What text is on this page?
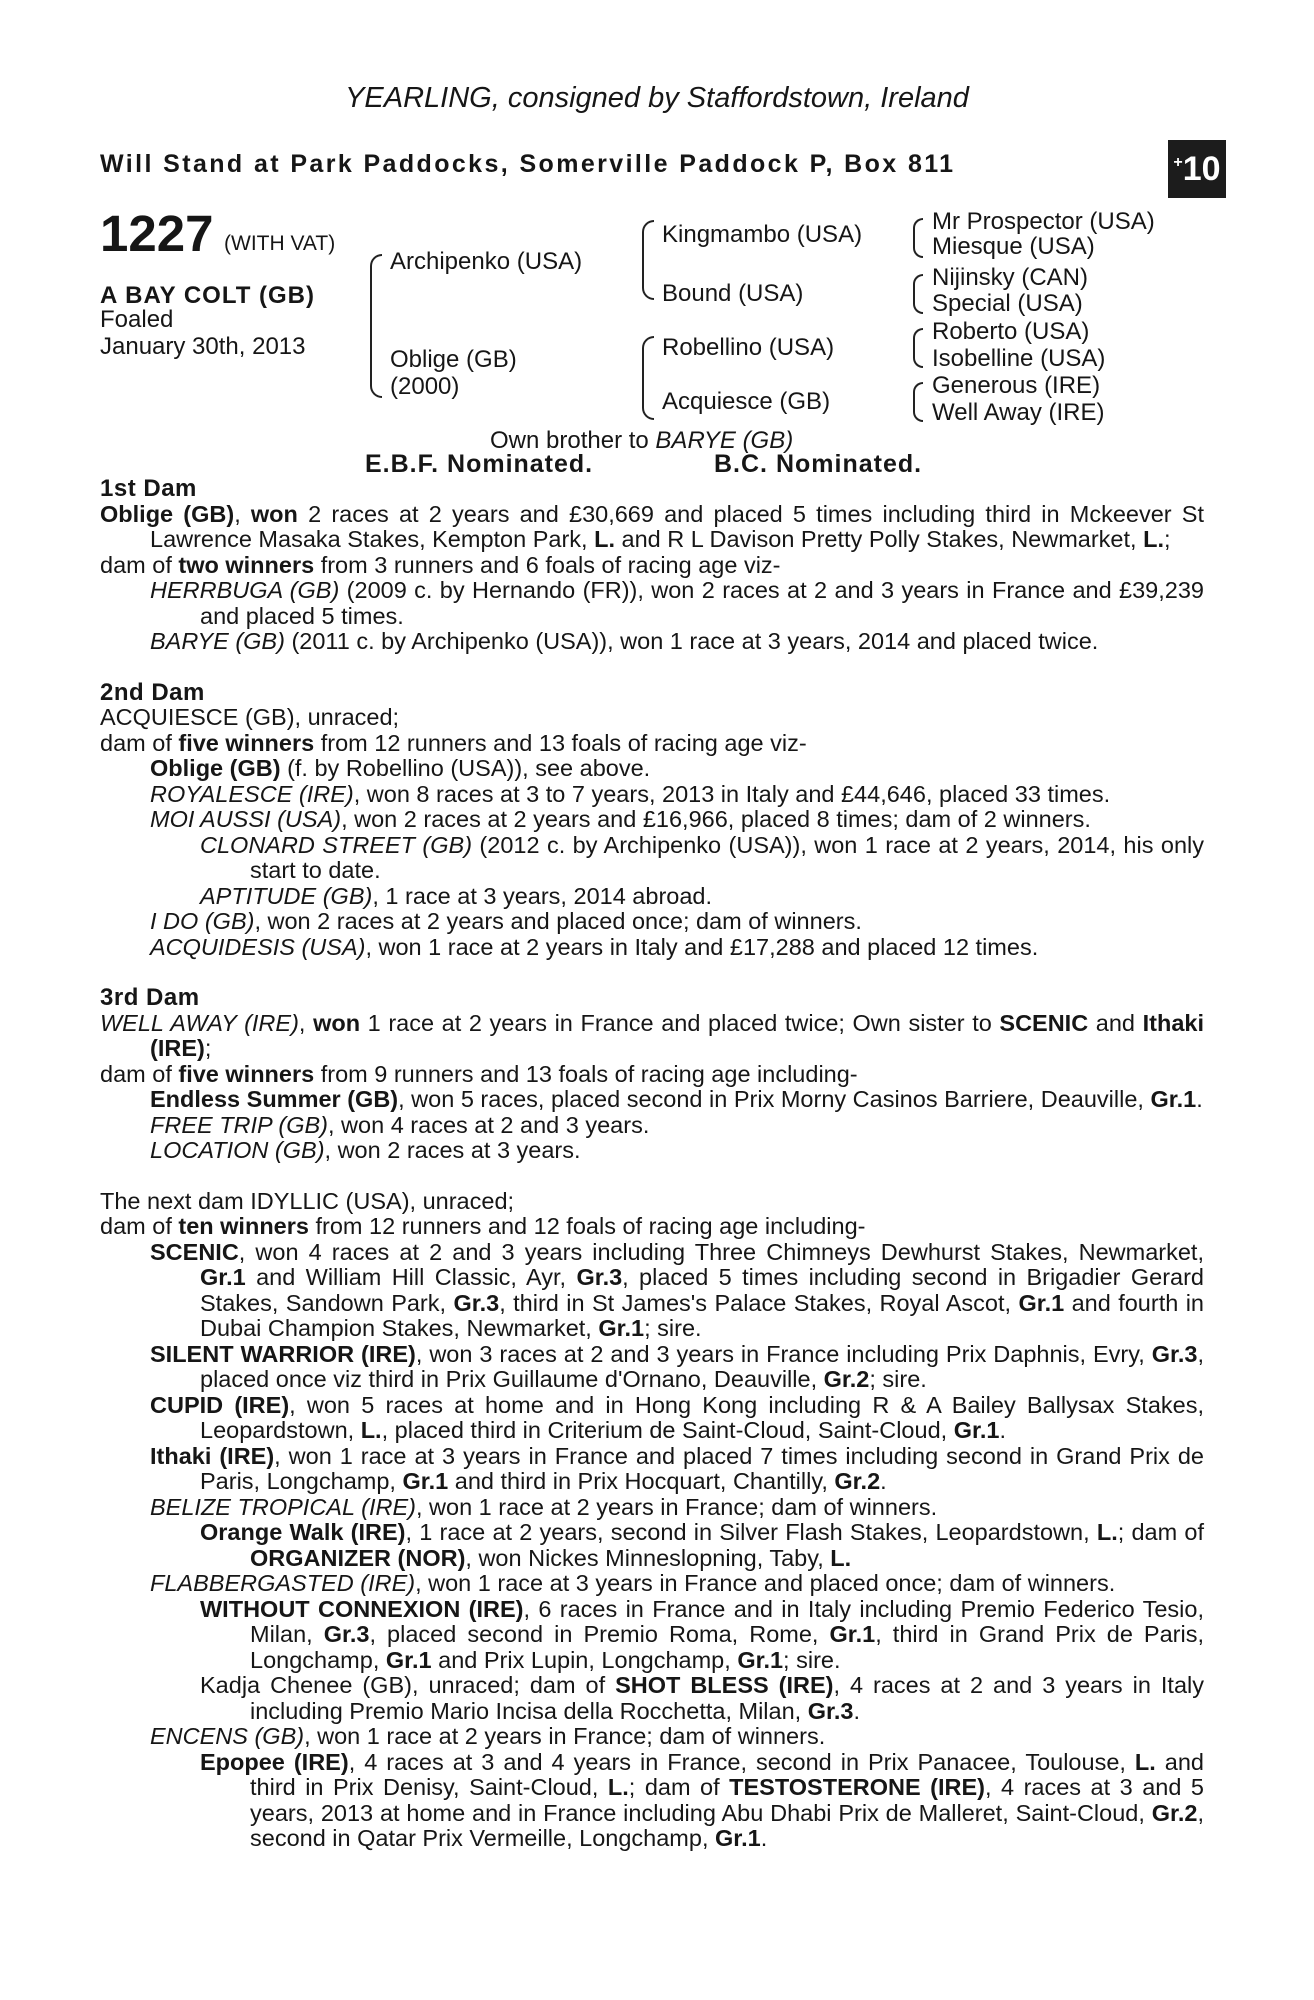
YEARLING, consigned by Staffordstown, Ireland
Will Stand at Park Paddocks, Somerville Paddock P, Box 811	+10
1227 (WITH VAT)
A BAY COLT (GB)
Foaled
January 30th, 2013
Archipenko (USA)
Oblige (GB)
(2000)
Kingmambo (USA)
Bound (USA)
Robellino (USA)
Acquiesce (GB)
Mr Prospector (USA)
Miesque (USA)
Nijinsky (CAN)
Special (USA)
Roberto (USA)
Isobelline (USA)
Generous (IRE)
Well Away (IRE)
Own brother to BARYE (GB)
E.B.F. Nominated.	B.C. Nominated.
1st Dam
Oblige (GB), won 2 races at 2 years and £30,669 and placed 5 times including third in Mckeever St Lawrence Masaka Stakes, Kempton Park, L. and R L Davison Pretty Polly Stakes, Newmarket, L.;
dam of two winners from 3 runners and 6 foals of racing age viz-
HERRBUGA (GB) (2009 c. by Hernando (FR)), won 2 races at 2 and 3 years in France and £39,239 and placed 5 times.
BARYE (GB) (2011 c. by Archipenko (USA)), won 1 race at 3 years, 2014 and placed twice.
2nd Dam
ACQUIESCE (GB), unraced;
dam of five winners from 12 runners and 13 foals of racing age viz-
Oblige (GB) (f. by Robellino (USA)), see above.
ROYALESCE (IRE), won 8 races at 3 to 7 years, 2013 in Italy and £44,646, placed 33 times.
MOI AUSSI (USA), won 2 races at 2 years and £16,966, placed 8 times; dam of 2 winners.
CLONARD STREET (GB) (2012 c. by Archipenko (USA)), won 1 race at 2 years, 2014, his only start to date.
APTITUDE (GB), 1 race at 3 years, 2014 abroad.
I DO (GB), won 2 races at 2 years and placed once; dam of winners.
ACQUIDESIS (USA), won 1 race at 2 years in Italy and £17,288 and placed 12 times.
3rd Dam
WELL AWAY (IRE), won 1 race at 2 years in France and placed twice; Own sister to SCENIC and Ithaki (IRE);
dam of five winners from 9 runners and 13 foals of racing age including-
Endless Summer (GB), won 5 races, placed second in Prix Morny Casinos Barriere, Deauville, Gr.1.
FREE TRIP (GB), won 4 races at 2 and 3 years.
LOCATION (GB), won 2 races at 3 years.
The next dam IDYLLIC (USA), unraced;
dam of ten winners from 12 runners and 12 foals of racing age including-
SCENIC, won 4 races at 2 and 3 years including Three Chimneys Dewhurst Stakes, Newmarket, Gr.1 and William Hill Classic, Ayr, Gr.3, placed 5 times including second in Brigadier Gerard Stakes, Sandown Park, Gr.3, third in St James's Palace Stakes, Royal Ascot, Gr.1 and fourth in Dubai Champion Stakes, Newmarket, Gr.1; sire.
SILENT WARRIOR (IRE), won 3 races at 2 and 3 years in France including Prix Daphnis, Evry, Gr.3, placed once viz third in Prix Guillaume d'Ornano, Deauville, Gr.2; sire.
CUPID (IRE), won 5 races at home and in Hong Kong including R & A Bailey Ballysax Stakes, Leopardstown, L., placed third in Criterium de Saint-Cloud, Saint-Cloud, Gr.1.
Ithaki (IRE), won 1 race at 3 years in France and placed 7 times including second in Grand Prix de Paris, Longchamp, Gr.1 and third in Prix Hocquart, Chantilly, Gr.2.
BELIZE TROPICAL (IRE), won 1 race at 2 years in France; dam of winners.
Orange Walk (IRE), 1 race at 2 years, second in Silver Flash Stakes, Leopardstown, L.; dam of ORGANIZER (NOR), won Nickes Minneslopning, Taby, L.
FLABBERGASTED (IRE), won 1 race at 3 years in France and placed once; dam of winners.
WITHOUT CONNEXION (IRE), 6 races in France and in Italy including Premio Federico Tesio, Milan, Gr.3, placed second in Premio Roma, Rome, Gr.1, third in Grand Prix de Paris, Longchamp, Gr.1 and Prix Lupin, Longchamp, Gr.1; sire.
Kadja Chenee (GB), unraced; dam of SHOT BLESS (IRE), 4 races at 2 and 3 years in Italy including Premio Mario Incisa della Rocchetta, Milan, Gr.3.
ENCENS (GB), won 1 race at 2 years in France; dam of winners.
Epopee (IRE), 4 races at 3 and 4 years in France, second in Prix Panacee, Toulouse, L. and third in Prix Denisy, Saint-Cloud, L.; dam of TESTOSTERONE (IRE), 4 races at 3 and 5 years, 2013 at home and in France including Abu Dhabi Prix de Malleret, Saint-Cloud, Gr.2, second in Qatar Prix Vermeille, Longchamp, Gr.1.
